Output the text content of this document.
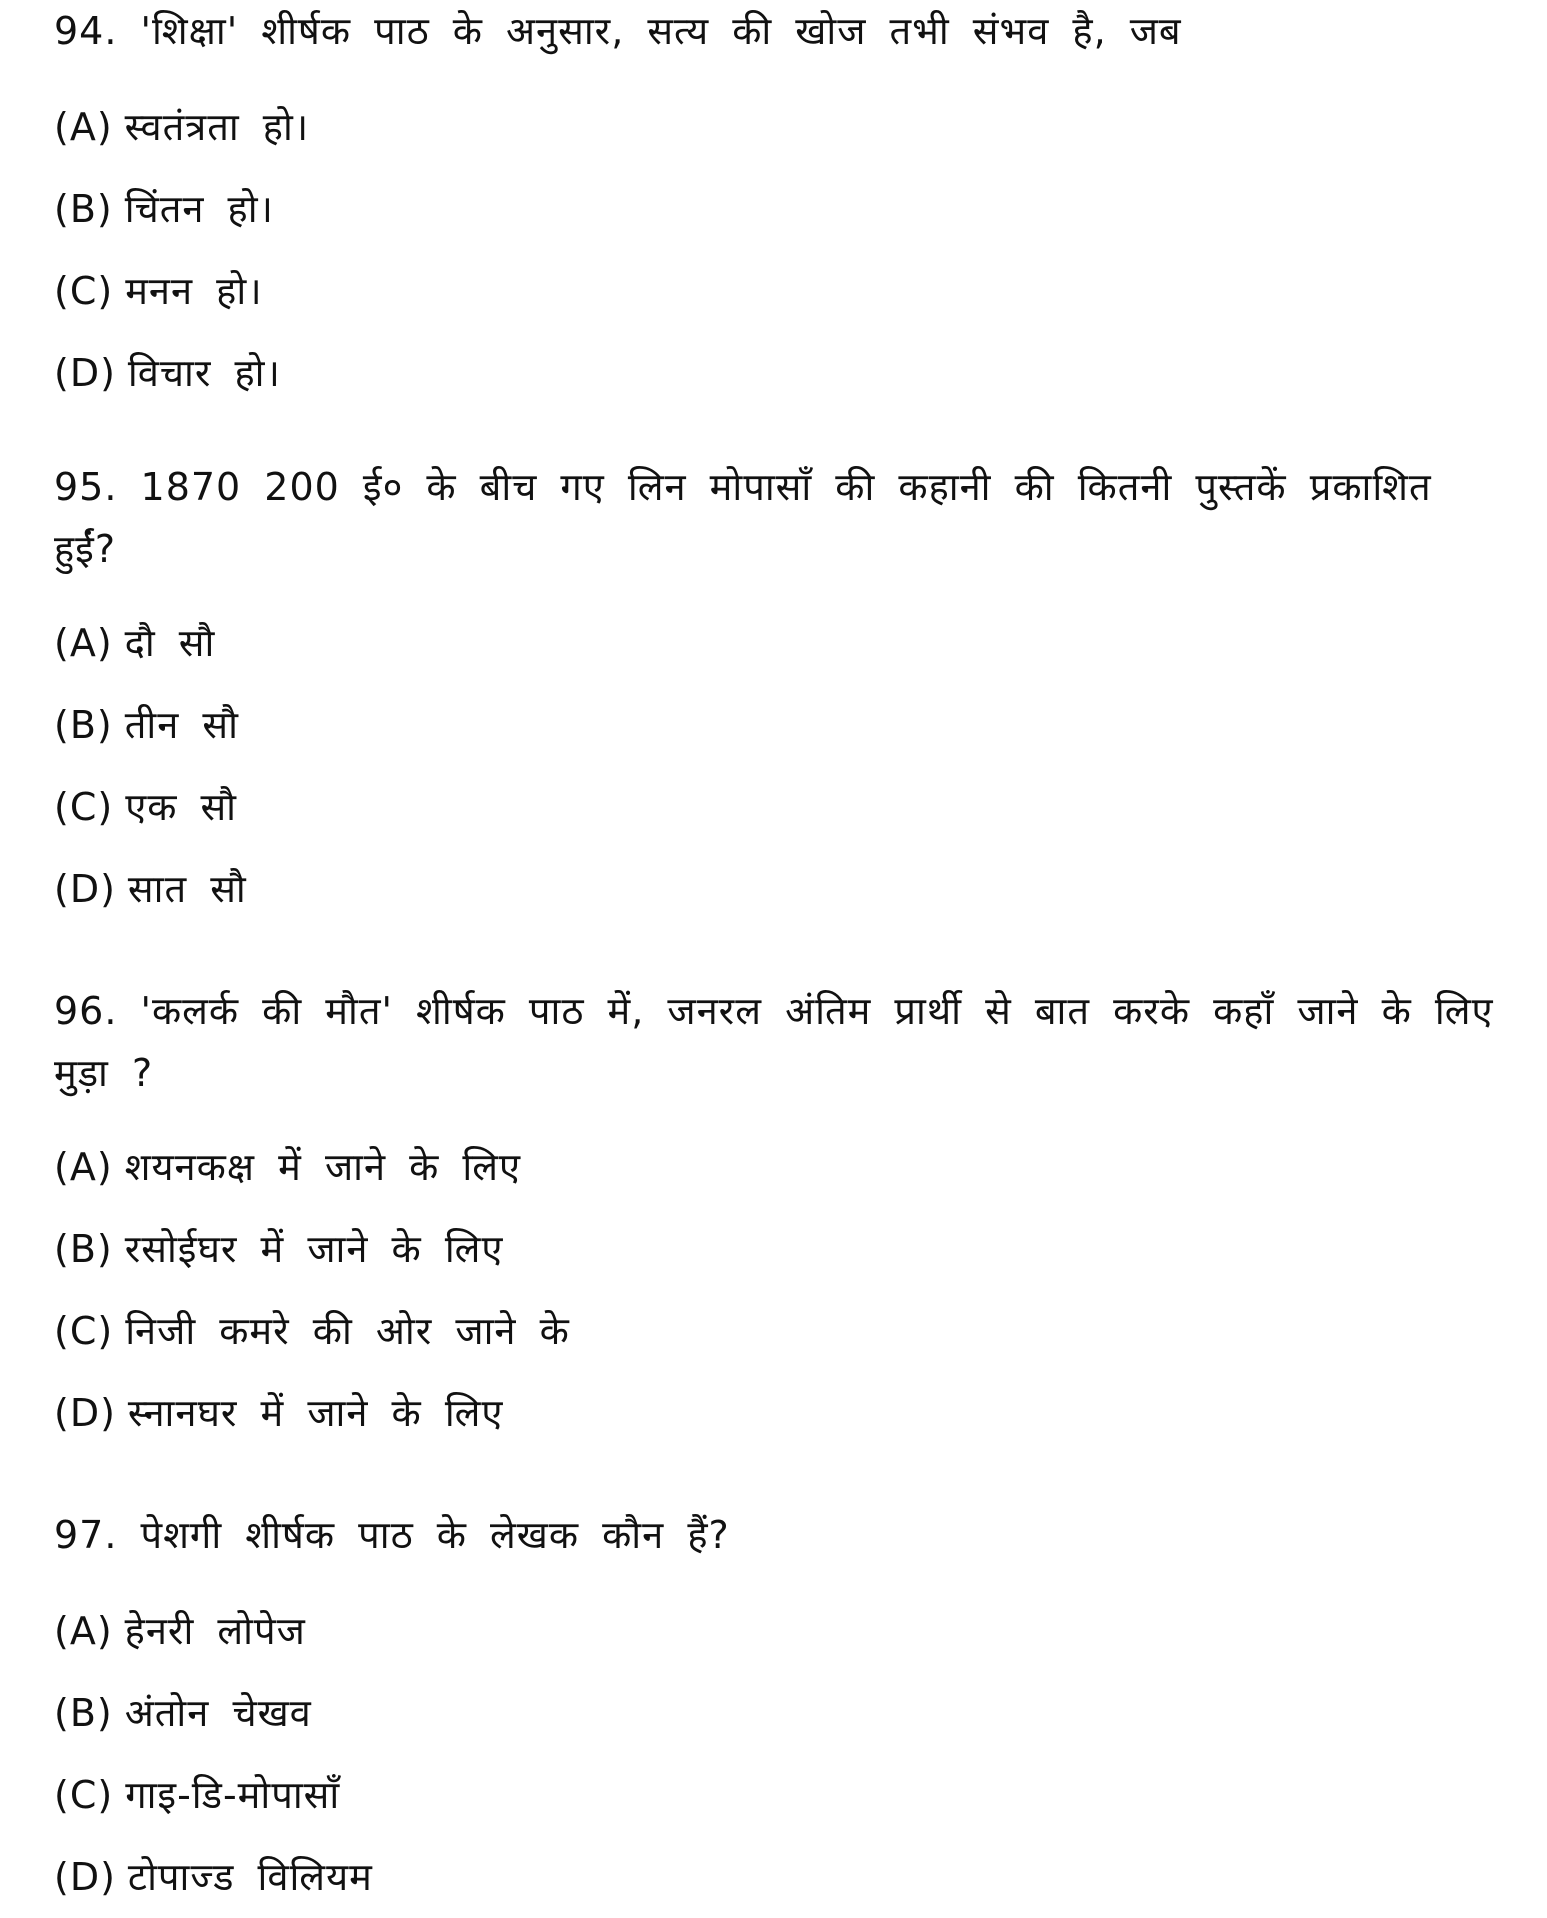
94. 'शिक्षा' शीर्षक पाठ के अनुसार, सत्य की खोज तभी संभव है, जब
(A) स्वतंत्रता हो।
(B) चिंतन हो।
(C) मनन हो।
(D) विचार हो।
95. 1870 200 ई० के बीच गए लिन मोपासाँ की कहानी की कितनी पुस्तकें प्रकाशित हुईं?
(A) दौ सौ
(B) तीन सौ
(C) एक सौ
(D) सात सौ
96. 'कलर्क की मौत' शीर्षक पाठ में, जनरल अंतिम प्रार्थी से बात करके कहाँ जाने के लिए मुड़ा ?
(A) शयनकक्ष में जाने के लिए
(B) रसोईघर में जाने के लिए
(C) निजी कमरे की ओर जाने के
(D) स्नानघर में जाने के लिए
97. पेशगी शीर्षक पाठ के लेखक कौन हैं?
(A) हेनरी लोपेज
(B) अंतोन चेखव
(C) गाइ-डि-मोपासाँ
(D) टोपाज्ड विलियम
